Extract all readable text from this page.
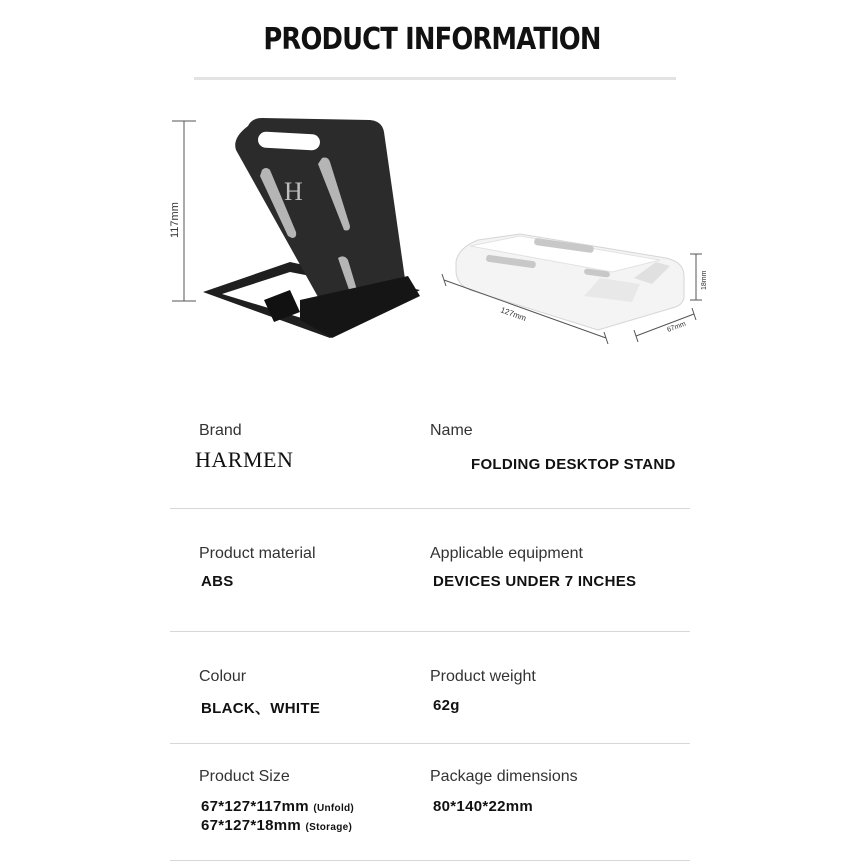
PRODUCT INFORMATION
117mm
H
127mm
67mm
18mm
Brand
HARMEN
Name
FOLDING DESKTOP STAND
Product material
ABS
Applicable equipment
DEVICES UNDER 7 INCHES
Colour
BLACK、WHITE
Product weight
62g
Product Size
67*127*117mm (Unfold)
67*127*18mm (Storage)
Package dimensions
80*140*22mm
